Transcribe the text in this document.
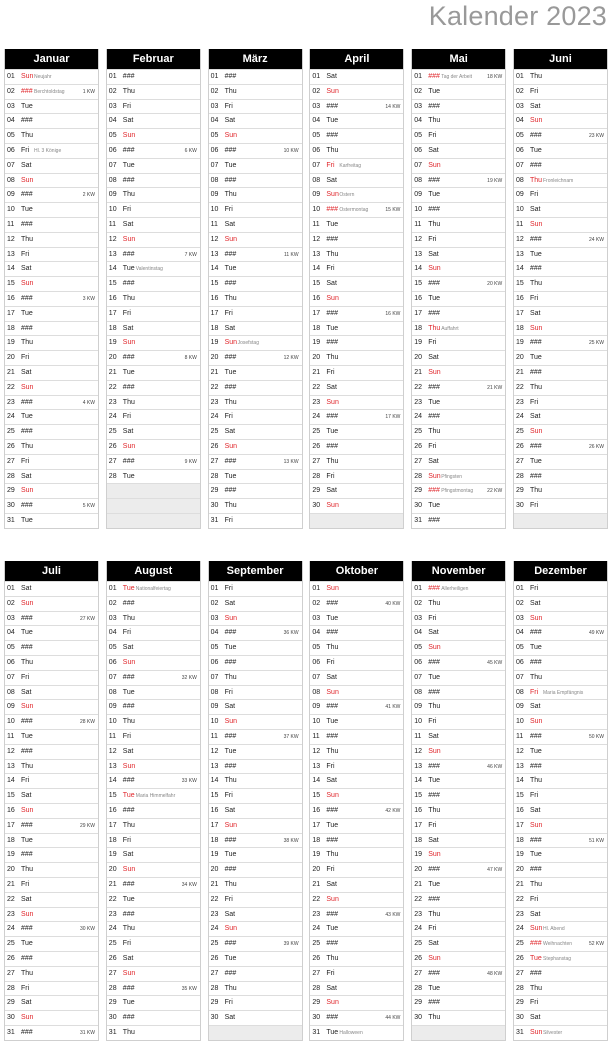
Kalender 2023
Januar
01 Sun Neujahr
02 ### Berchtoldstag	1 KW
03 Tue
04 ###
05 Thu
06 Fri Hl. 3 Könige
07 Sat
08 Sun
09 ###	2 KW
10 Tue
11 ###
12 Thu
13 Fri
14 Sat
15 Sun
16 ###	3 KW
17 Tue
18 ###
19 Thu
20 Fri
21 Sat
22 Sun
23 ###	4 KW
24 Tue
25 ###
26 Thu
27 Fri
28 Sat
29 Sun
30 ###	5 KW
31 Tue
Februar
01 ###
02 Thu
03 Fri
04 Sat
05 Sun
06 ###	6 KW
07 Tue
08 ###
09 Thu
10 Fri
11 Sat
12 Sun
13 ###	7 KW
14 Tue Valentinstag
15 ###
16 Thu
17 Fri
18 Sat
19 Sun
20 ###	8 KW
21 Tue
22 ###
23 Thu
24 Fri
25 Sat
26 Sun
27 ###	9 KW
28 Tue
März
01 ###
02 Thu
03 Fri
04 Sat
05 Sun
06 ###	10 KW
07 Tue
08 ###
09 Thu
10 Fri
11 Sat
12 Sun
13 ###	11 KW
14 Tue
15 ###
16 Thu
17 Fri
18 Sat
19 Sun Josefstag
20 ###	12 KW
21 Tue
22 ###
23 Thu
24 Fri
25 Sat
26 Sun
27 ###	13 KW
28 Tue
29 ###
30 Thu
31 Fri
April
01 Sat
02 Sun
03 ###	14 KW
04 Tue
05 ###
06 Thu
07 Fri Karfreitag
08 Sat
09 Sun Ostern
10 ### Ostermontag	15 KW
11 Tue
12 ###
13 Thu
14 Fri
15 Sat
16 Sun
17 ###	16 KW
18 Tue
19 ###
20 Thu
21 Fri
22 Sat
23 Sun
24 ###	17 KW
25 Tue
26 ###
27 Thu
28 Fri
29 Sat
30 Sun
Mai
01 ### Tag der Arbeit	18 KW
02 Tue
03 ###
04 Thu
05 Fri
06 Sat
07 Sun
08 ###	19 KW
09 Tue
10 ###
11 Thu
12 Fri
13 Sat
14 Sun
15 ###	20 KW
16 Tue
17 ###
18 Thu Auffahrt
19 Fri
20 Sat
21 Sun
22 ###	21 KW
23 Tue
24 ###
25 Thu
26 Fri
27 Sat
28 Sun Pfingsten
29 ### Pfingstmontag	22 KW
30 Tue
31 ###
Juni
01 Thu
02 Fri
03 Sat
04 Sun
05 ###	23 KW
06 Tue
07 ###
08 Thu Fronleichnam
09 Fri
10 Sat
11 Sun
12 ###	24 KW
13 Tue
14 ###
15 Thu
16 Fri
17 Sat
18 Sun
19 ###	25 KW
20 Tue
21 ###
22 Thu
23 Fri
24 Sat
25 Sun
26 ###	26 KW
27 Tue
28 ###
29 Thu
30 Fri
Juli
01 Sat
02 Sun
03 ###	27 KW
04 Tue
05 ###
06 Thu
07 Fri
08 Sat
09 Sun
10 ###	28 KW
11 Tue
12 ###
13 Thu
14 Fri
15 Sat
16 Sun
17 ###	29 KW
18 Tue
19 ###
20 Thu
21 Fri
22 Sat
23 Sun
24 ###	30 KW
25 Tue
26 ###
27 Thu
28 Fri
29 Sat
30 Sun
31 ###	31 KW
August
01 Tue Nationalfeiertag
02 ###
03 Thu
04 Fri
05 Sat
06 Sun
07 ###	32 KW
08 Tue
09 ###
10 Thu
11 Fri
12 Sat
13 Sun
14 ###	33 KW
15 Tue Maria Himmelfahr
16 ###
17 Thu
18 Fri
19 Sat
20 Sun
21 ###	34 KW
22 Tue
23 ###
24 Thu
25 Fri
26 Sat
27 Sun
28 ###	35 KW
29 Tue
30 ###
31 Thu
September
01 Fri
02 Sat
03 Sun
04 ###	36 KW
05 Tue
06 ###
07 Thu
08 Fri
09 Sat
10 Sun
11 ###	37 KW
12 Tue
13 ###
14 Thu
15 Fri
16 Sat
17 Sun
18 ###	38 KW
19 Tue
20 ###
21 Thu
22 Fri
23 Sat
24 Sun
25 ###	39 KW
26 Tue
27 ###
28 Thu
29 Fri
30 Sat
Oktober
01 Sun
02 ###	40 KW
03 Tue
04 ###
05 Thu
06 Fri
07 Sat
08 Sun
09 ###	41 KW
10 Tue
11 ###
12 Thu
13 Fri
14 Sat
15 Sun
16 ###	42 KW
17 Tue
18 ###
19 Thu
20 Fri
21 Sat
22 Sun
23 ###	43 KW
24 Tue
25 ###
26 Thu
27 Fri
28 Sat
29 Sun
30 ###	44 KW
31 Tue Halloween
November
01 ### Allerheiligen
02 Thu
03 Fri
04 Sat
05 Sun
06 ###	45 KW
07 Tue
08 ###
09 Thu
10 Fri
11 Sat
12 Sun
13 ###	46 KW
14 Tue
15 ###
16 Thu
17 Fri
18 Sat
19 Sun
20 ###	47 KW
21 Tue
22 ###
23 Thu
24 Fri
25 Sat
26 Sun
27 ###	48 KW
28 Tue
29 ###
30 Thu
Dezember
01 Fri
02 Sat
03 Sun
04 ###	49 KW
05 Tue
06 ###
07 Thu
08 Fri Maria Empfängnis
09 Sat
10 Sun
11 ###	50 KW
12 Tue
13 ###
14 Thu
15 Fri
16 Sat
17 Sun
18 ###	51 KW
19 Tue
20 ###
21 Thu
22 Fri
23 Sat
24 Sun Hl. Abend
25 ### Weihnachten	52 KW
26 Tue Stephanstag
27 ###
28 Thu
29 Fri
30 Sat
31 Sun Silvester
